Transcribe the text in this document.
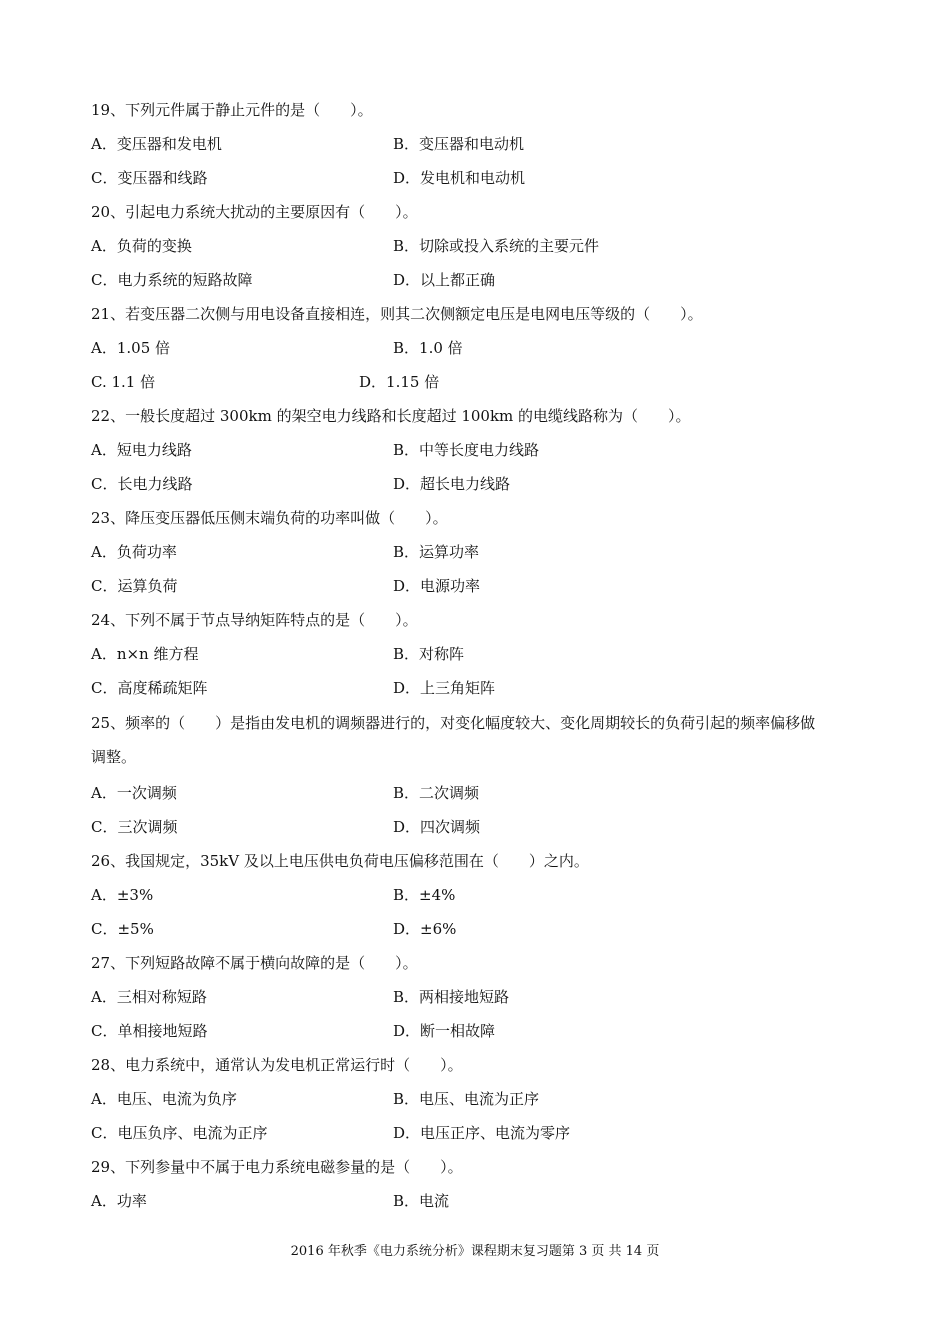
19、下列元件属于静止元件的是（　　）。
A．变压器和发电机	B．变压器和电动机
C．变压器和线路	D．发电机和电动机
20、引起电力系统大扰动的主要原因有（　　）。
A．负荷的变换	B．切除或投入系统的主要元件
C．电力系统的短路故障	D．以上都正确
21、若变压器二次侧与用电设备直接相连，则其二次侧额定电压是电网电压等级的（　　）。
A．1.05 倍	B．1.0 倍
C. 1.1 倍	D．1.15 倍
22、一般长度超过 300km 的架空电力线路和长度超过 100km 的电缆线路称为（　　）。
A．短电力线路	B．中等长度电力线路
C．长电力线路	D．超长电力线路
23、降压变压器低压侧末端负荷的功率叫做（　　）。
A．负荷功率	B．运算功率
C．运算负荷	D．电源功率
24、下列不属于节点导纳矩阵特点的是（　　）。
A．n×n 维方程	B．对称阵
C．高度稀疏矩阵	D．上三角矩阵
25、频率的（　　）是指由发电机的调频器进行的，对变化幅度较大、变化周期较长的负荷引起的频率偏移做
调整。
A．一次调频	B．二次调频
C．三次调频	D．四次调频
26、我国规定，35kV 及以上电压供电负荷电压偏移范围在（　　）之内。
A．±3%	B．±4%
C．±5%	D．±6%
27、下列短路故障不属于横向故障的是（　　）。
A．三相对称短路	B．两相接地短路
C．单相接地短路	D．断一相故障
28、电力系统中，通常认为发电机正常运行时（　　）。
A．电压、电流为负序	B．电压、电流为正序
C．电压负序、电流为正序	D．电压正序、电流为零序
29、下列参量中不属于电力系统电磁参量的是（　　）。
A．功率	B．电流
2016 年秋季《电力系统分析》课程期末复习题第 3 页 共 14 页
